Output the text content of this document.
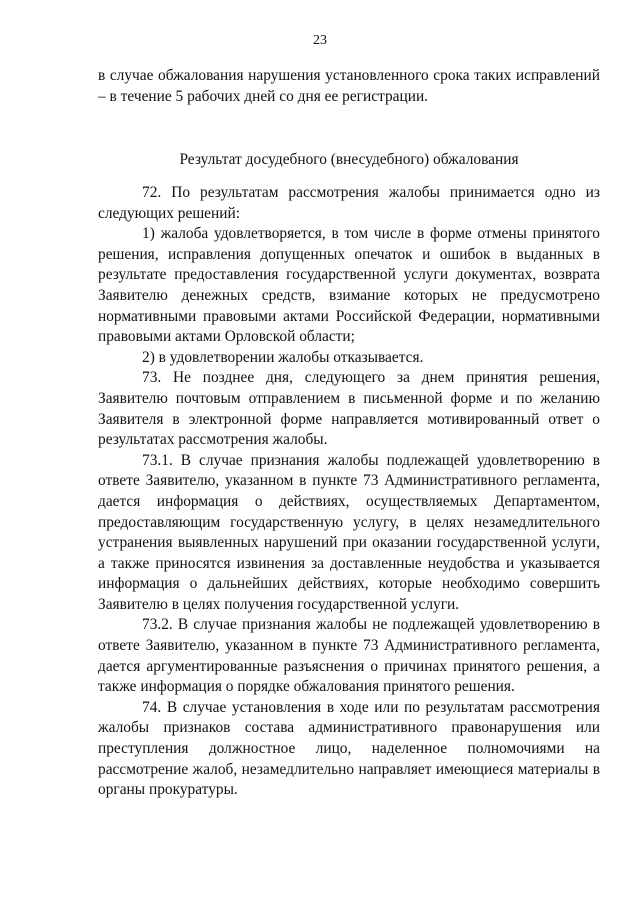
23

в случае обжалования нарушения установленного срока таких исправлений – в течение 5 рабочих дней со дня ее регистрации.

Результат досудебного (внесудебного) обжалования

72. По результатам рассмотрения жалобы принимается одно из следующих решений:

1) жалоба удовлетворяется, в том числе в форме отмены принятого решения, исправления допущенных опечаток и ошибок в выданных в результате предоставления государственной услуги документах, возврата Заявителю денежных средств, взимание которых не предусмотрено нормативными правовыми актами Российской Федерации, нормативными правовыми актами Орловской области;

2) в удовлетворении жалобы отказывается.

73. Не позднее дня, следующего за днем принятия решения, Заявителю почтовым отправлением в письменной форме и по желанию Заявителя в электронной форме направляется мотивированный ответ о результатах рассмотрения жалобы.

73.1. В случае признания жалобы подлежащей удовлетворению в ответе Заявителю, указанном в пункте 73 Административного регламента, дается информация о действиях, осуществляемых Департаментом, предоставляющим государственную услугу, в целях незамедлительного устранения выявленных нарушений при оказании государственной услуги, а также приносятся извинения за доставленные неудобства и указывается информация о дальнейших действиях, которые необходимо совершить Заявителю в целях получения государственной услуги.

73.2. В случае признания жалобы не подлежащей удовлетворению в ответе Заявителю, указанном в пункте 73 Административного регламента, дается аргументированные разъяснения о причинах принятого решения, а также информация о порядке обжалования принятого решения.

74. В случае установления в ходе или по результатам рассмотрения жалобы признаков состава административного правонарушения или преступления должностное лицо, наделенное полномочиями на рассмотрение жалоб, незамедлительно направляет имеющиеся материалы в органы прокуратуры.
